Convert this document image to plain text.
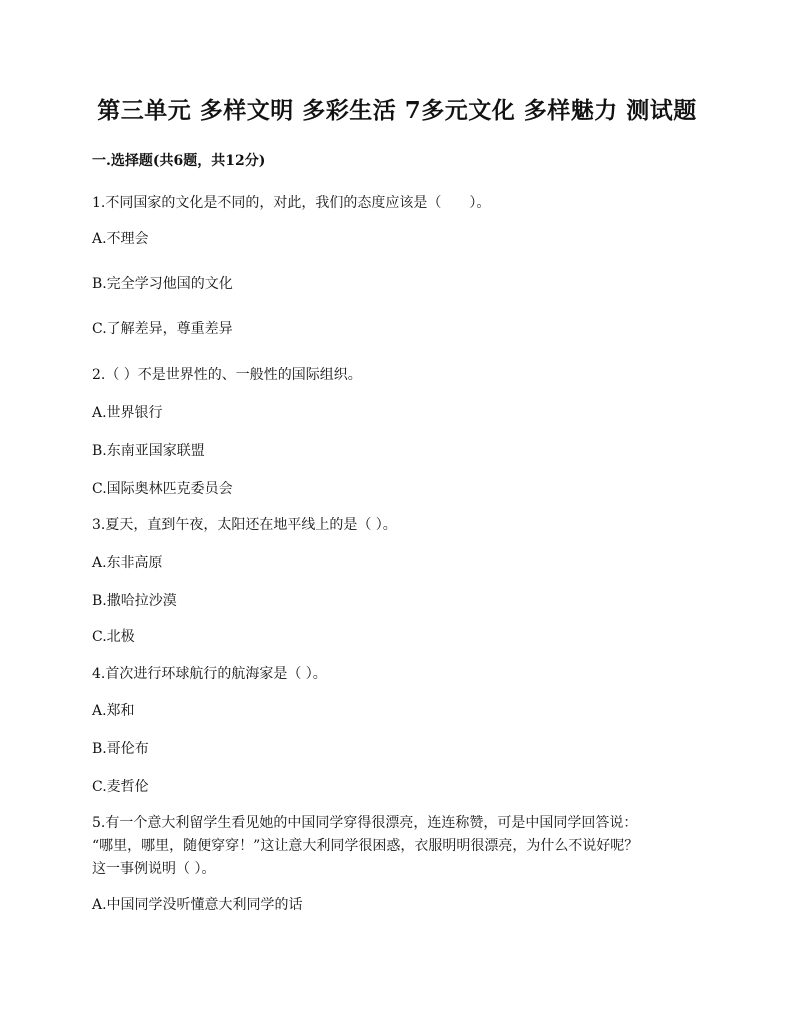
第三单元 多样文明 多彩生活 7多元文化 多样魅力 测试题
一.选择题(共6题，共12分)
1.不同国家的文化是不同的，对此，我们的态度应该是（　　）。
A.不理会
B.完全学习他国的文化
C.了解差异，尊重差异
2.（ ）不是世界性的、一般性的国际组织。
A.世界银行
B.东南亚国家联盟
C.国际奥林匹克委员会
3.夏天，直到午夜，太阳还在地平线上的是（ ）。
A.东非高原
B.撒哈拉沙漠
C.北极
4.首次进行环球航行的航海家是（ ）。
A.郑和
B.哥伦布
C.麦哲伦
5.有一个意大利留学生看见她的中国同学穿得很漂亮，连连称赞，可是中国同学回答说：
“哪里，哪里，随便穿穿！”这让意大利同学很困惑，衣服明明很漂亮，为什么不说好呢？
这一事例说明（ ）。
A.中国同学没听懂意大利同学的话
